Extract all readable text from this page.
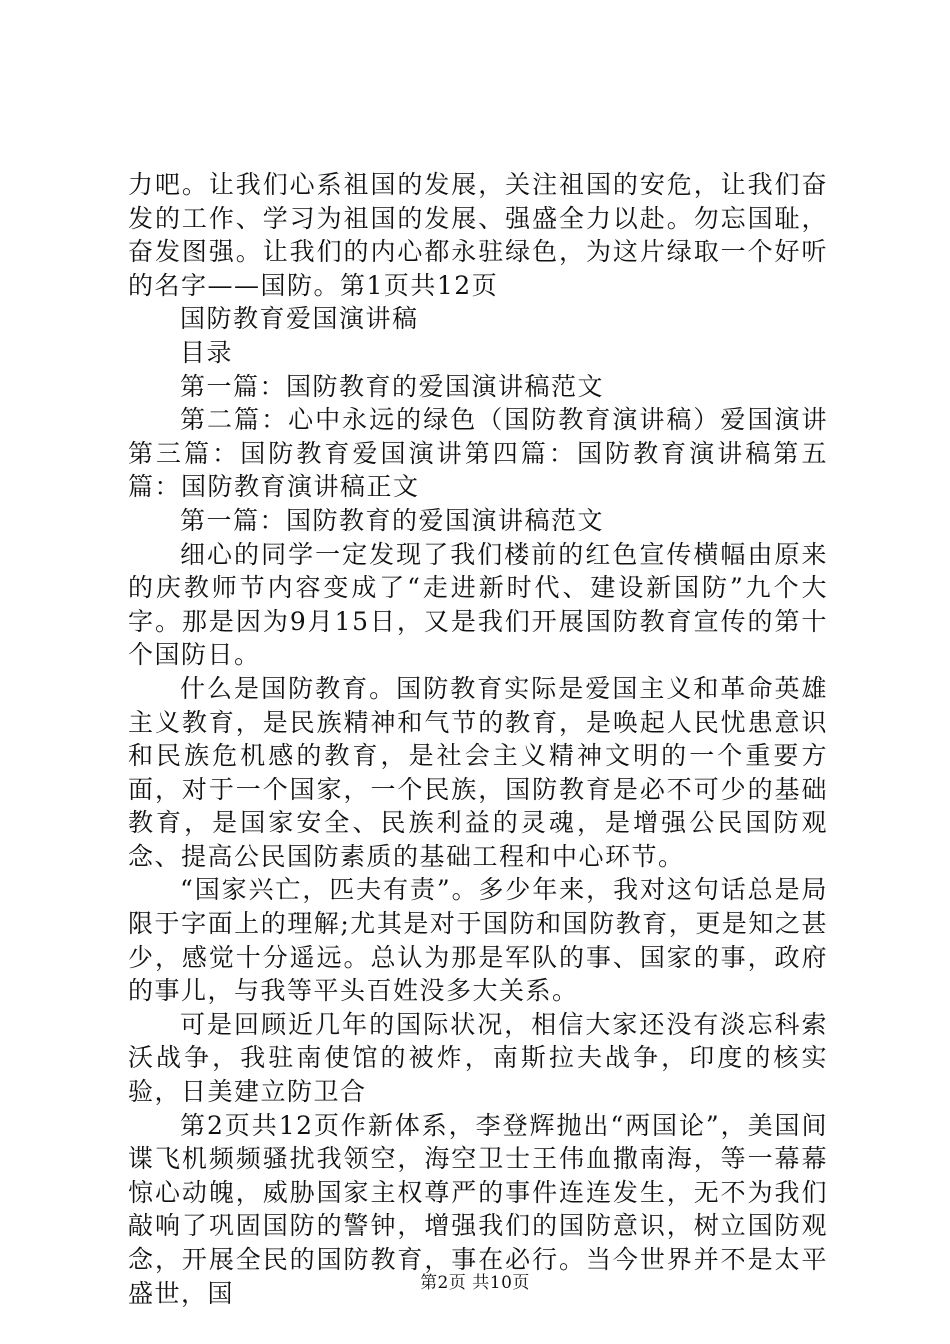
力吧。让我们心系祖国的发展，关注祖国的安危，让我们奋发的工作、学习为祖国的发展、强盛全力以赴。勿忘国耻，奋发图强。让我们的内心都永驻绿色，为这片绿取一个好听的名字——国防。第1页共12页

国防教育爱国演讲稿

目录

第一篇：国防教育的爱国演讲稿范文

第二篇：心中永远的绿色（国防教育演讲稿）爱国演讲第三篇：国防教育爱国演讲第四篇：国防教育演讲稿第五篇：国防教育演讲稿正文

第一篇：国防教育的爱国演讲稿范文

细心的同学一定发现了我们楼前的红色宣传横幅由原来的庆教师节内容变成了“走进新时代、建设新国防”九个大字。那是因为9月15日，又是我们开展国防教育宣传的第十个国防日。

什么是国防教育。国防教育实际是爱国主义和革命英雄主义教育，是民族精神和气节的教育，是唤起人民忧患意识和民族危机感的教育，是社会主义精神文明的一个重要方面，对于一个国家，一个民族，国防教育是必不可少的基础教育，是国家安全、民族利益的灵魂，是增强公民国防观念、提高公民国防素质的基础工程和中心环节。

“国家兴亡，匹夫有责”。多少年来，我对这句话总是局限于字面上的理解;尤其是对于国防和国防教育，更是知之甚少，感觉十分遥远。总认为那是军队的事、国家的事，政府的事儿，与我等平头百姓没多大关系。

可是回顾近几年的国际状况，相信大家还没有淡忘科索沃战争，我驻南使馆的被炸，南斯拉夫战争，印度的核实验，日美建立防卫合

第2页共12页作新体系，李登辉抛出“两国论”，美国间谍飞机频频骚扰我领空，海空卫士王伟血撒南海，等一幕幕惊心动魄，威胁国家主权尊严的事件连连发生，无不为我们敲响了巩固国防的警钟，增强我们的国防意识，树立国防观念，开展全民的国防教育，事在必行。当今世界并不是太平盛世，国	第2页 共10页
